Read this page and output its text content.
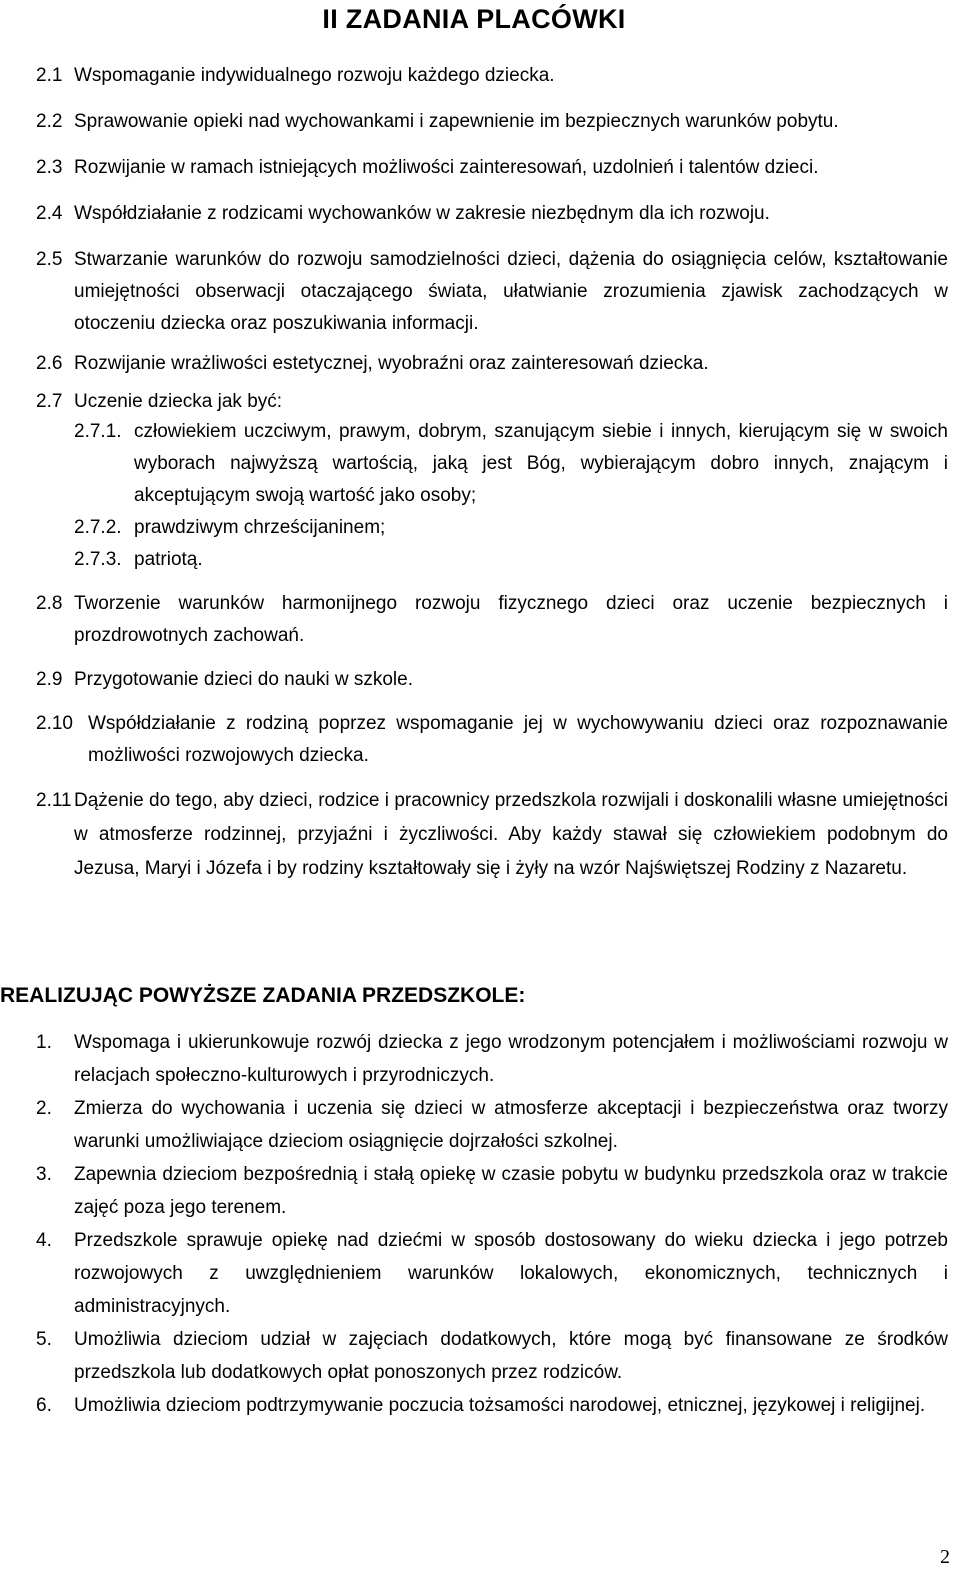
II ZADANIA PLACÓWKI
2.1 Wspomaganie indywidualnego rozwoju każdego dziecka.
2.2 Sprawowanie opieki nad wychowankami i zapewnienie im bezpiecznych warunków pobytu.
2.3 Rozwijanie w ramach istniejących możliwości zainteresowań, uzdolnień i talentów dzieci.
2.4 Współdziałanie z rodzicami wychowanków w zakresie niezbędnym dla ich rozwoju.
2.5 Stwarzanie warunków do rozwoju samodzielności dzieci, dążenia do osiągnięcia celów, kształtowanie umiejętności obserwacji otaczającego świata, ułatwianie zrozumienia zjawisk zachodzących w otoczeniu dziecka oraz poszukiwania informacji.
2.6 Rozwijanie wrażliwości estetycznej, wyobraźni oraz zainteresowań dziecka.
2.7 Uczenie dziecka jak być:
2.7.1. człowiekiem uczciwym, prawym, dobrym, szanującym siebie i innych, kierującym się w swoich wyborach najwyższą wartością, jaką jest Bóg, wybierającym dobro innych, znającym i akceptującym swoją wartość jako osoby;
2.7.2. prawdziwym chrześcijaninem;
2.7.3. patriotą.
2.8 Tworzenie warunków harmonijnego rozwoju fizycznego dzieci oraz uczenie bezpiecznych i prozdrowotnych zachowań.
2.9 Przygotowanie dzieci do nauki w szkole.
2.10 Współdziałanie z rodziną poprzez wspomaganie jej w wychowywaniu dzieci oraz rozpoznawanie możliwości rozwojowych dziecka.
2.11 Dążenie do tego, aby dzieci, rodzice i pracownicy przedszkola rozwijali i doskonalili własne umiejętności w atmosferze rodzinnej, przyjaźni i życzliwości. Aby każdy stawał się człowiekiem podobnym do Jezusa, Maryi i Józefa i by rodziny kształtowały się i żyły na wzór Najświętszej Rodziny z Nazaretu.
REALIZUJĄC POWYŻSZE ZADANIA PRZEDSZKOLE:
1.	Wspomaga i ukierunkowuje rozwój dziecka z jego wrodzonym potencjałem i możliwościami rozwoju w relacjach społeczno-kulturowych i przyrodniczych.
2.	Zmierza do wychowania i uczenia się dzieci w atmosferze akceptacji i bezpieczeństwa oraz tworzy warunki umożliwiające dzieciom osiągnięcie dojrzałości szkolnej.
3.	Zapewnia dzieciom bezpośrednią i stałą opiekę w czasie pobytu w budynku przedszkola oraz w trakcie zajęć poza jego terenem.
4.	Przedszkole sprawuje opiekę nad dziećmi w sposób dostosowany do wieku dziecka i jego potrzeb rozwojowych z uwzględnieniem warunków lokalowych, ekonomicznych, technicznych i administracyjnych.
5.	Umożliwia dzieciom udział w zajęciach dodatkowych, które mogą być finansowane ze środków przedszkola lub dodatkowych opłat ponoszonych przez rodziców.
6.	Umożliwia dzieciom podtrzymywanie poczucia tożsamości narodowej, etnicznej, językowej i religijnej.
2
